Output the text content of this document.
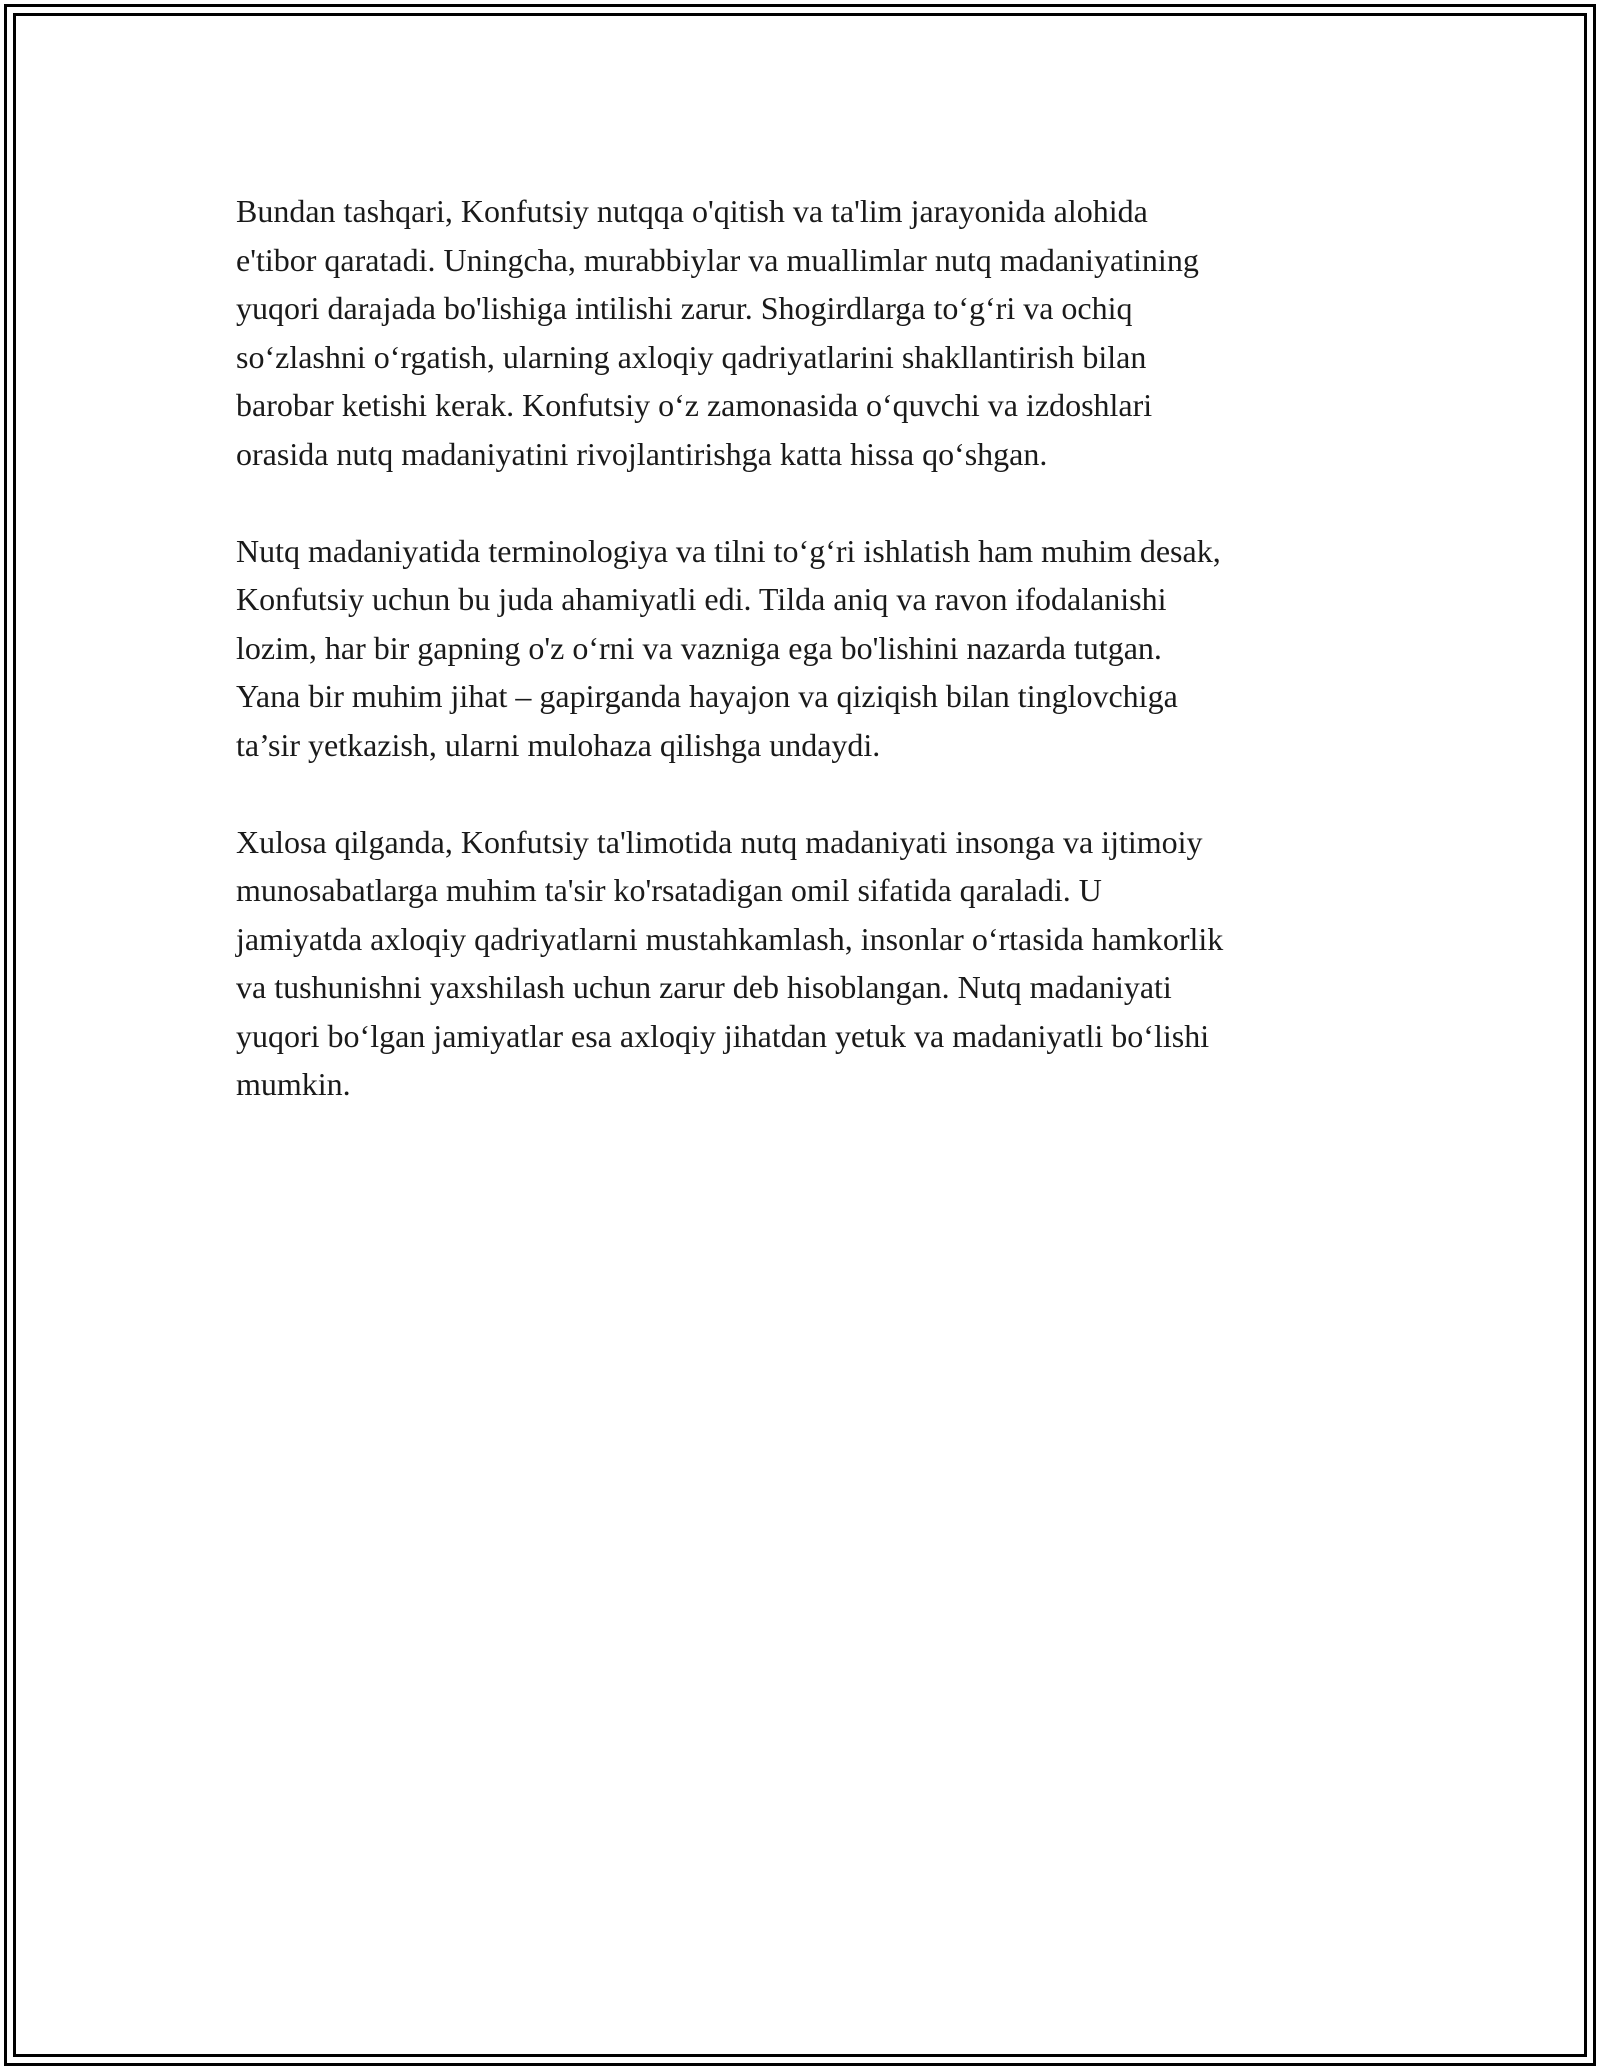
Bundan tashqari, Konfutsiy nutqqa o'qitish va ta'lim jarayonida alohida
e'tibor qaratadi. Uningcha, murabbiylar va muallimlar nutq madaniyatining
yuqori darajada bo'lishiga intilishi zarur. Shogirdlarga to‘g‘ri va ochiq
so‘zlashni o‘rgatish, ularning axloqiy qadriyatlarini shakllantirish bilan
barobar ketishi kerak. Konfutsiy o‘z zamonasida o‘quvchi va izdoshlari
orasida nutq madaniyatini rivojlantirishga katta hissa qo‘shgan.

Nutq madaniyatida terminologiya va tilni to‘g‘ri ishlatish ham muhim desak,
Konfutsiy uchun bu juda ahamiyatli edi. Tilda aniq va ravon ifodalanishi
lozim, har bir gapning o'z o‘rni va vazniga ega bo'lishini nazarda tutgan.
Yana bir muhim jihat – gapirganda hayajon va qiziqish bilan tinglovchiga
ta’sir yetkazish, ularni mulohaza qilishga undaydi.

Xulosa qilganda, Konfutsiy ta'limotida nutq madaniyati insonga va ijtimoiy
munosabatlarga muhim ta'sir ko'rsatadigan omil sifatida qaraladi. U
jamiyatda axloqiy qadriyatlarni mustahkamlash, insonlar o‘rtasida hamkorlik
va tushunishni yaxshilash uchun zarur deb hisoblangan. Nutq madaniyati
yuqori bo‘lgan jamiyatlar esa axloqiy jihatdan yetuk va madaniyatli bo‘lishi
mumkin.
